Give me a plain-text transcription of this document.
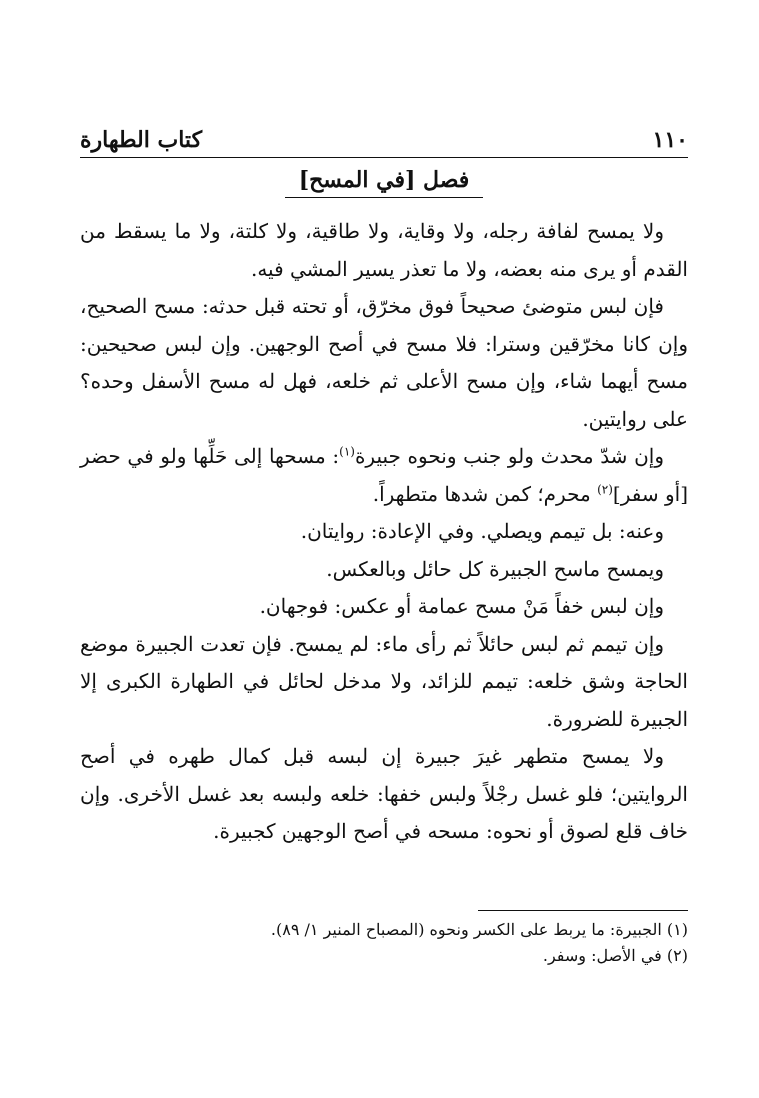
١١٠
كتاب الطهارة
فصل [في المسح]

ولا يمسح لفافة رجله، ولا وقاية، ولا طاقية، ولا كلتة، ولا ما يسقط من القدم أو يرى منه بعضه، ولا ما تعذر يسير المشي فيه.

فإن لبس متوضئ صحيحاً فوق مخرّق، أو تحته قبل حدثه: مسح الصحيح، وإن كانا مخرّقين وسترا: فلا مسح في أصح الوجهين. وإن لبس صحيحين: مسح أيهما شاء، وإن مسح الأعلى ثم خلعه، فهل له مسح الأسفل وحده؟ على روايتين.

وإن شدّ محدث ولو جنب ونحوه جبيرة$^{(١)}$: مسحها إلى حَلِّها ولو في حضر [أو سفر]$^{(٢)}$ محرم؛ كمن شدها متطهراً.

وعنه: بل تيمم ويصلي. وفي الإعادة: روايتان.

ويمسح ماسح الجبيرة كل حائل وبالعكس.

وإن لبس خفاً مَنْ مسح عمامة أو عكس: فوجهان.

وإن تيمم ثم لبس حائلاً ثم رأى ماء: لم يمسح. فإن تعدت الجبيرة موضع الحاجة وشق خلعه: تيمم للزائد، ولا مدخل لحائل في الطهارة الكبرى إلا الجبيرة للضرورة.

ولا يمسح متطهر غيرَ جبيرة إن لبسه قبل كمال طهره في أصح الروايتين؛ فلو غسل رجْلاً ولبس خفها: خلعه ولبسه بعد غسل الأخرى. وإن خاف قلع لصوق أو نحوه: مسحه في أصح الوجهين كجبيرة.

(١) الجبيرة: ما يربط على الكسر ونحوه (المصباح المنير ١/ ٨٩).
(٢) في الأصل: وسفر.
